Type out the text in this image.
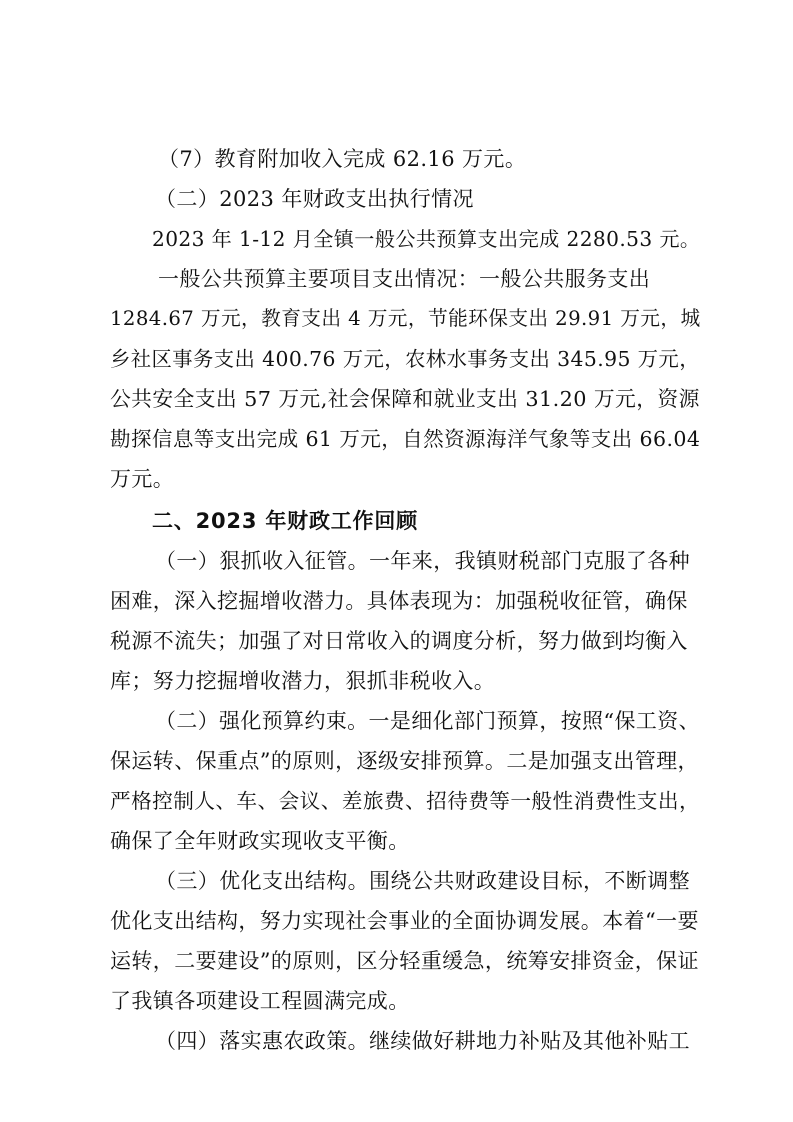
（7）教育附加收入完成 62.16 万元。
（二）2023 年财政支出执行情况
2023 年 1-12 月全镇一般公共预算支出完成 2280.53 元。
一般公共预算主要项目支出情况：一般公共服务支出
1284.67 万元，教育支出 4 万元，节能环保支出 29.91 万元，城
乡社区事务支出 400.76 万元，农林水事务支出 345.95 万元，
公共安全支出 57 万元,社会保障和就业支出 31.20 万元，资源
勘探信息等支出完成 61 万元，自然资源海洋气象等支出 66.04
万元。
二、2023 年财政工作回顾
（一）狠抓收入征管。一年来，我镇财税部门克服了各种
困难，深入挖掘增收潜力。具体表现为：加强税收征管，确保
税源不流失；加强了对日常收入的调度分析，努力做到均衡入
库；努力挖掘增收潜力，狠抓非税收入。
（二）强化预算约束。一是细化部门预算，按照“保工资、
保运转、保重点”的原则，逐级安排预算。二是加强支出管理，
严格控制人、车、会议、差旅费、招待费等一般性消费性支出，
确保了全年财政实现收支平衡。
（三）优化支出结构。围绕公共财政建设目标，不断调整
优化支出结构，努力实现社会事业的全面协调发展。本着“一要
运转，二要建设”的原则，区分轻重缓急，统筹安排资金，保证
了我镇各项建设工程圆满完成。
（四）落实惠农政策。继续做好耕地力补贴及其他补贴工
